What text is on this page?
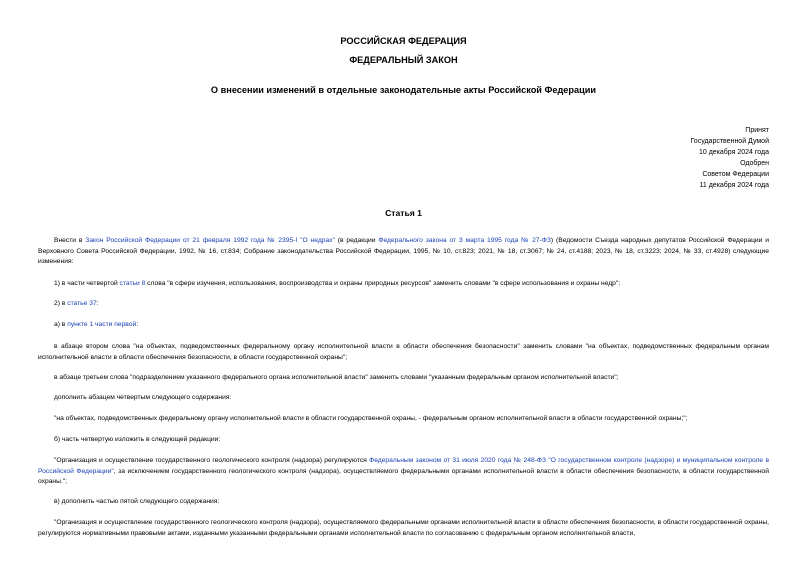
РОССИЙСКАЯ ФЕДЕРАЦИЯ
ФЕДЕРАЛЬНЫЙ ЗАКОН
О внесении изменений в отдельные законодательные акты Российской Федерации
Принят
Государственной Думой
10 декабря 2024 года
Одобрен
Советом Федерации
11 декабря 2024 года
Статья 1
Внести в Закон Российской Федерации от 21 февраля 1992 года № 2395-I "О недрах" (в редакции Федерального закона от 3 марта 1995 года № 27-ФЗ) (Ведомости Съезда народных депутатов Российской Федерации и Верховного Совета Российской Федерации, 1992, № 16, ст.834; Собрание законодательства Российской Федерации, 1995, № 10, ст.823; 2021, № 18, ст.3067; № 24, ст.4188; 2023, № 18, ст.3223; 2024, № 33, ст.4928) следующие изменения:
1) в части четвертой статьи 8 слова "в сфере изучения, использования, воспроизводства и охраны природных ресурсов" заменить словами "в сфере использования и охраны недр";
2) в статье 37:
а) в пункте 1 части первой:
в абзаце втором слова "на объектах, подведомственных федеральному органу исполнительной власти в области обеспечения безопасности" заменить словами "на объектах, подведомственных федеральным органам исполнительной власти в области обеспечения безопасности, в области государственной охраны";
в абзаце третьем слова "подразделением указанного федерального органа исполнительной власти" заменить словами "указанным федеральным органом исполнительной власти";
дополнить абзацем четвертым следующего содержания:
"на объектах, подведомственных федеральному органу исполнительной власти в области государственной охраны, - федеральным органом исполнительной власти в области государственной охраны;";
б) часть четвертую изложить в следующей редакции:
"Организация и осуществление государственного геологического контроля (надзора) регулируются Федеральным законом от 31 июля 2020 года № 248-ФЗ "О государственном контроле (надзоре) и муниципальном контроле в Российской Федерации", за исключением государственного геологического контроля (надзора), осуществляемого федеральными органами исполнительной власти в области обеспечения безопасности, в области государственной охраны.";
в) дополнить частью пятой следующего содержания:
"Организация и осуществление государственного геологического контроля (надзора), осуществляемого федеральными органами исполнительной власти в области обеспечения безопасности, в области государственной охраны, регулируются нормативными правовыми актами, изданными указанными федеральными органами исполнительной власти по согласованию с федеральным органом исполнительной власти,
